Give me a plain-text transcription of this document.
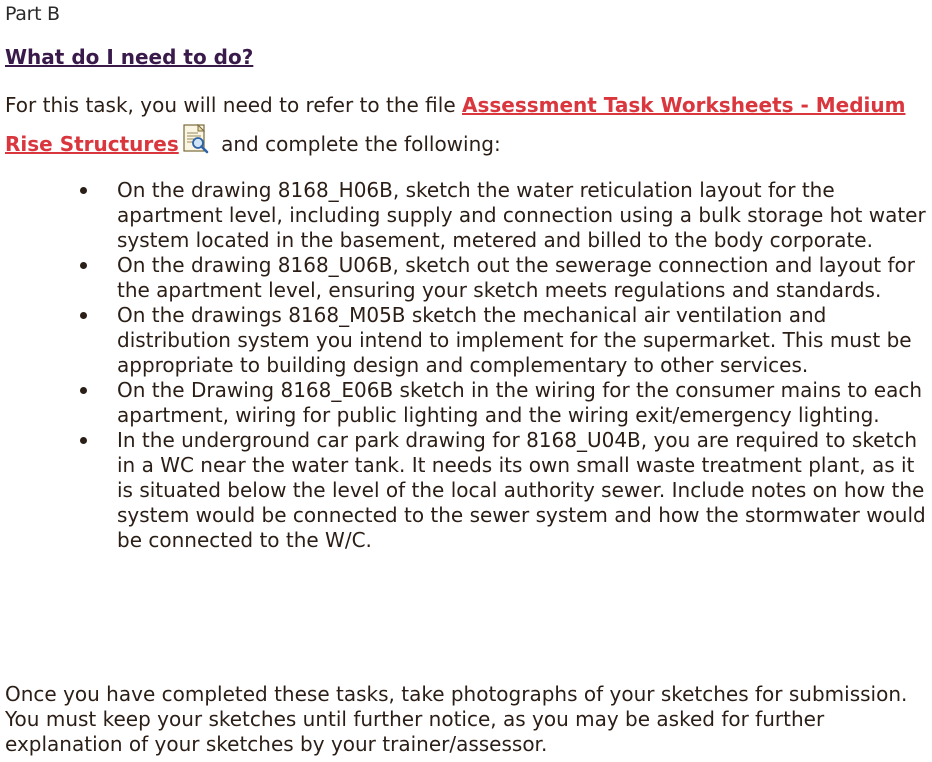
Part B
What do I need to do?

For this task, you will need to refer to the file Assessment Task Worksheets - Medium Rise Structures and complete the following:

On the drawing 8168_H06B, sketch the water reticulation layout for the apartment level, including supply and connection using a bulk storage hot water system located in the basement, metered and billed to the body corporate.
On the drawing 8168_U06B, sketch out the sewerage connection and layout for the apartment level, ensuring your sketch meets regulations and standards.
On the drawings 8168_M05B sketch the mechanical air ventilation and distribution system you intend to implement for the supermarket. This must be appropriate to building design and complementary to other services.
On the Drawing 8168_E06B sketch in the wiring for the consumer mains to each apartment, wiring for public lighting and the wiring exit/emergency lighting.
In the underground car park drawing for 8168_U04B, you are required to sketch in a WC near the water tank. It needs its own small waste treatment plant, as it is situated below the level of the local authority sewer. Include notes on how the system would be connected to the sewer system and how the stormwater would be connected to the W/C.

Once you have completed these tasks, take photographs of your sketches for submission. You must keep your sketches until further notice, as you may be asked for further explanation of your sketches by your trainer/assessor.
